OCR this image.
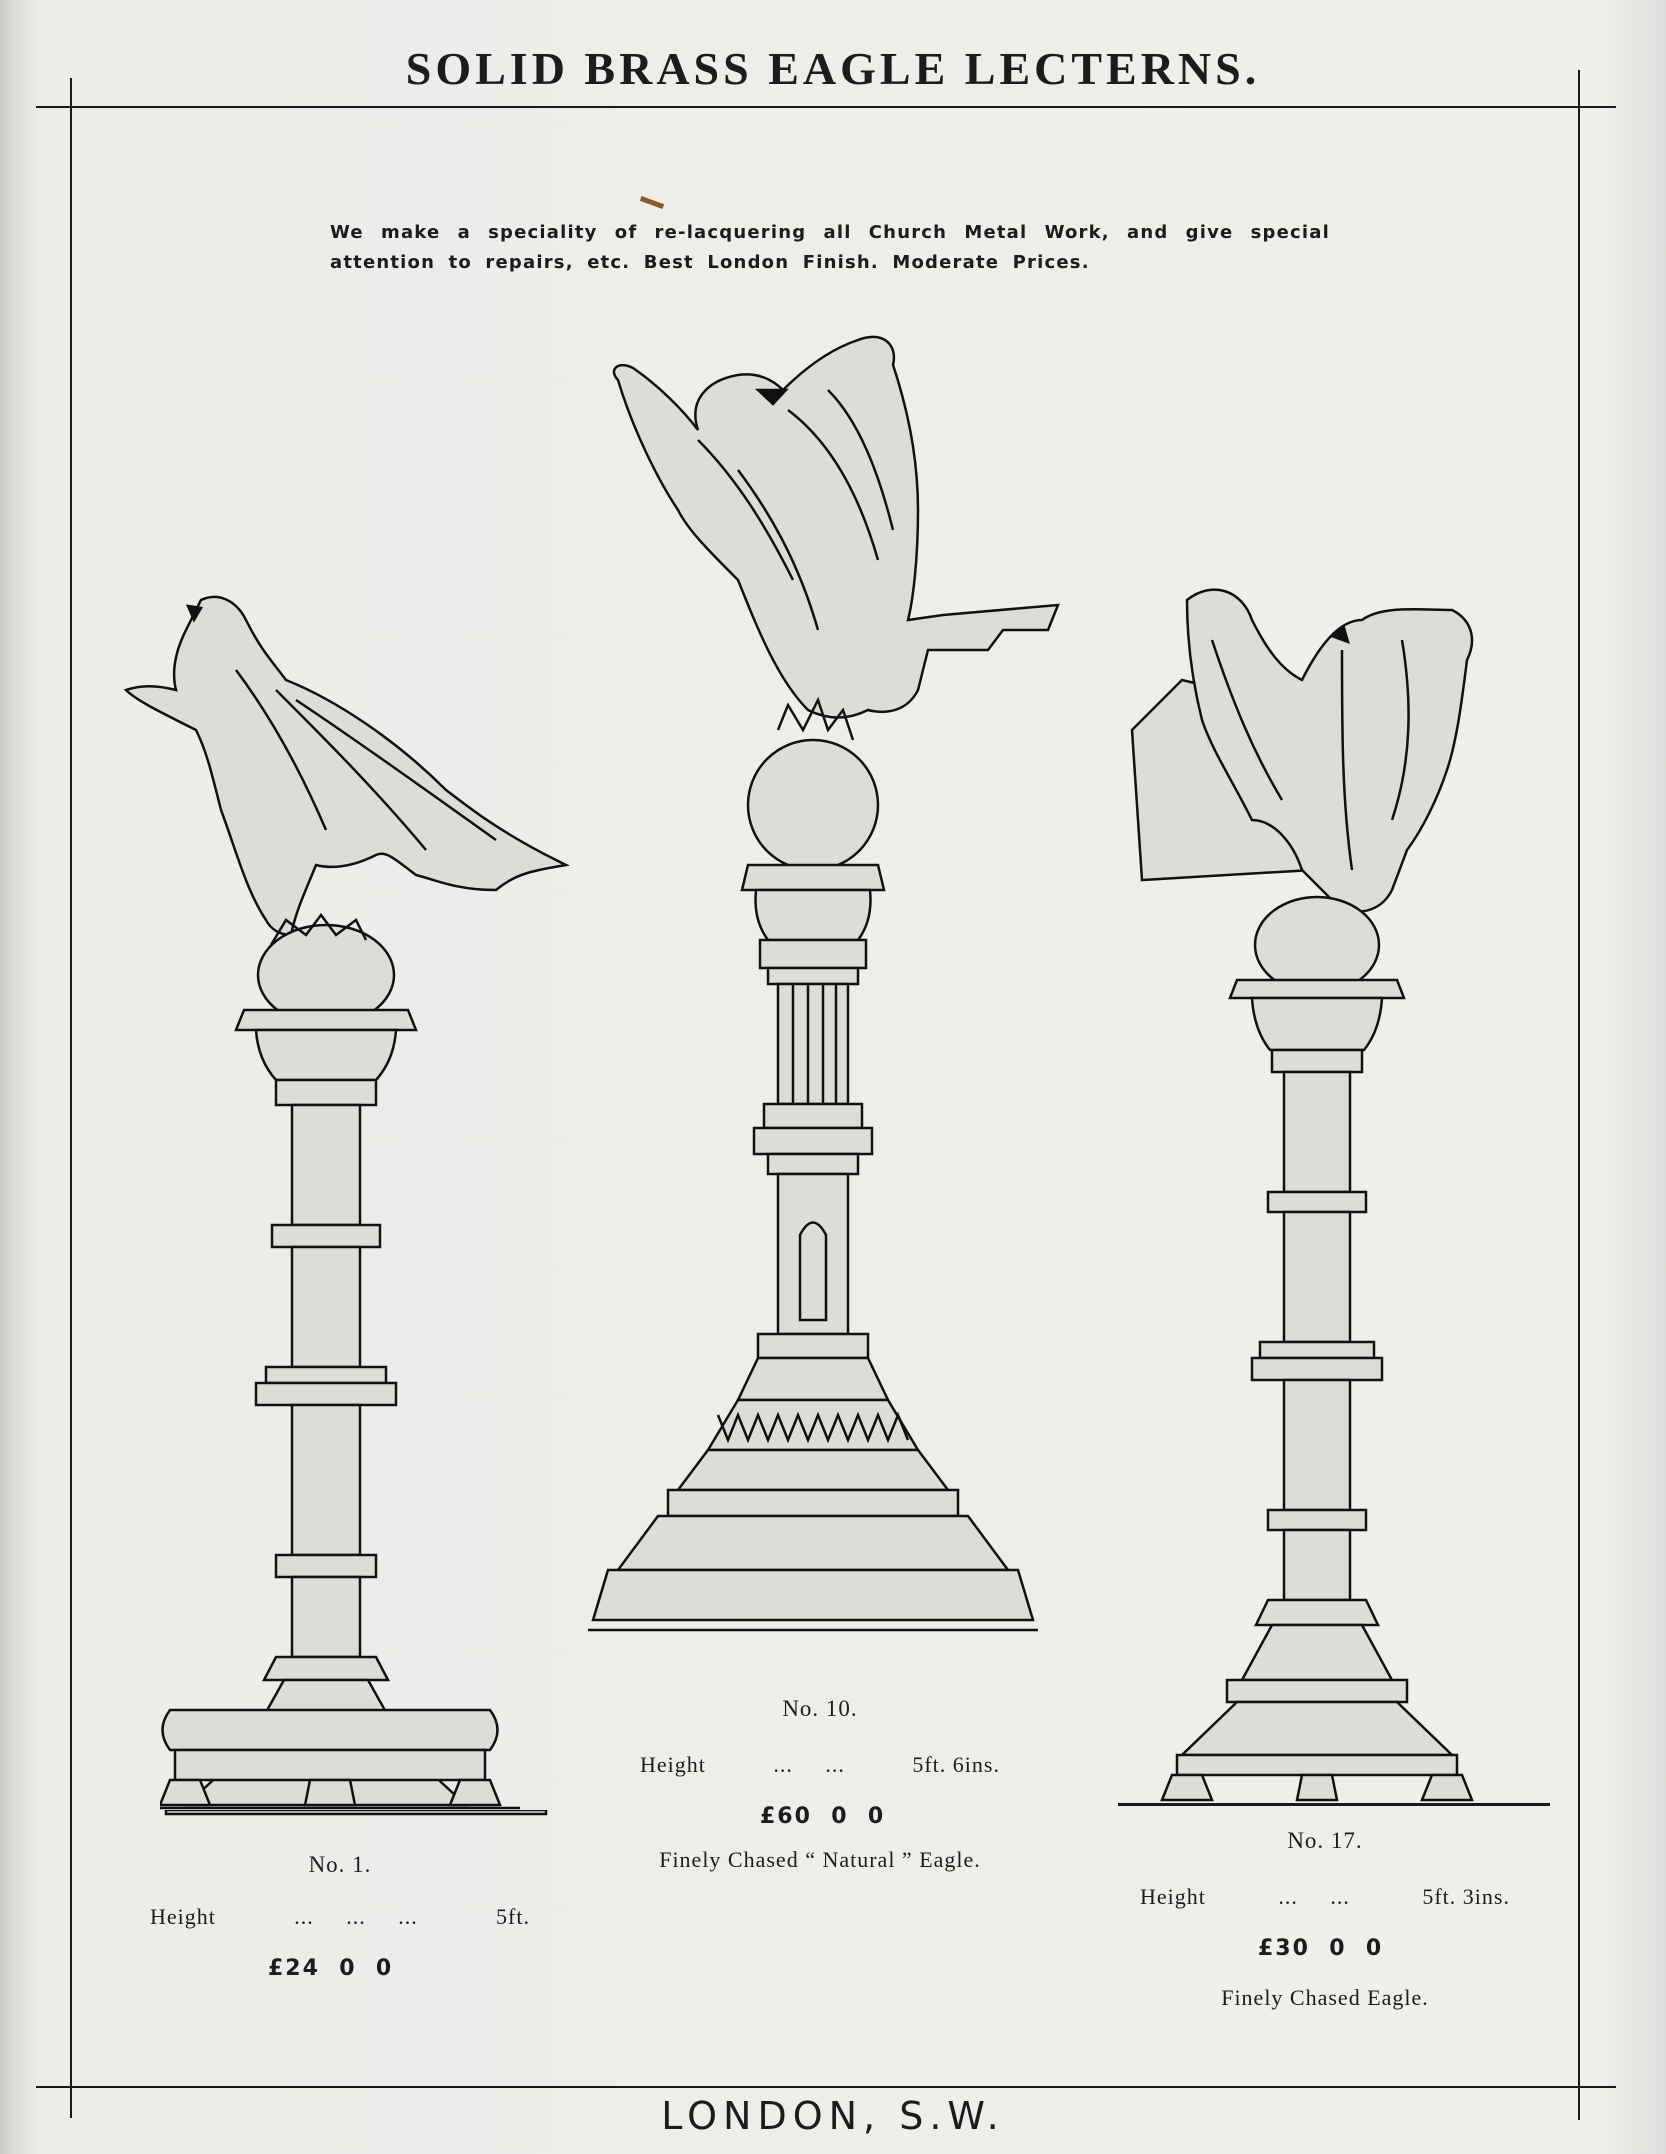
SOLID BRASS EAGLE LECTERNS.
We make a speciality of re-lacquering all Church Metal Work, and give special attention to repairs, etc. Best London Finish. Moderate Prices.
No. 1.
Height	...     ...     ...	5ft.
£24  0  0
No. 10.
Height	...     ...	5ft. 6ins.
£60  0  0
Finely Chased “ Natural ” Eagle.
No. 17.
Height	...     ...	5ft. 3ins.
£30  0  0
Finely Chased Eagle.
LONDON, S.W.
